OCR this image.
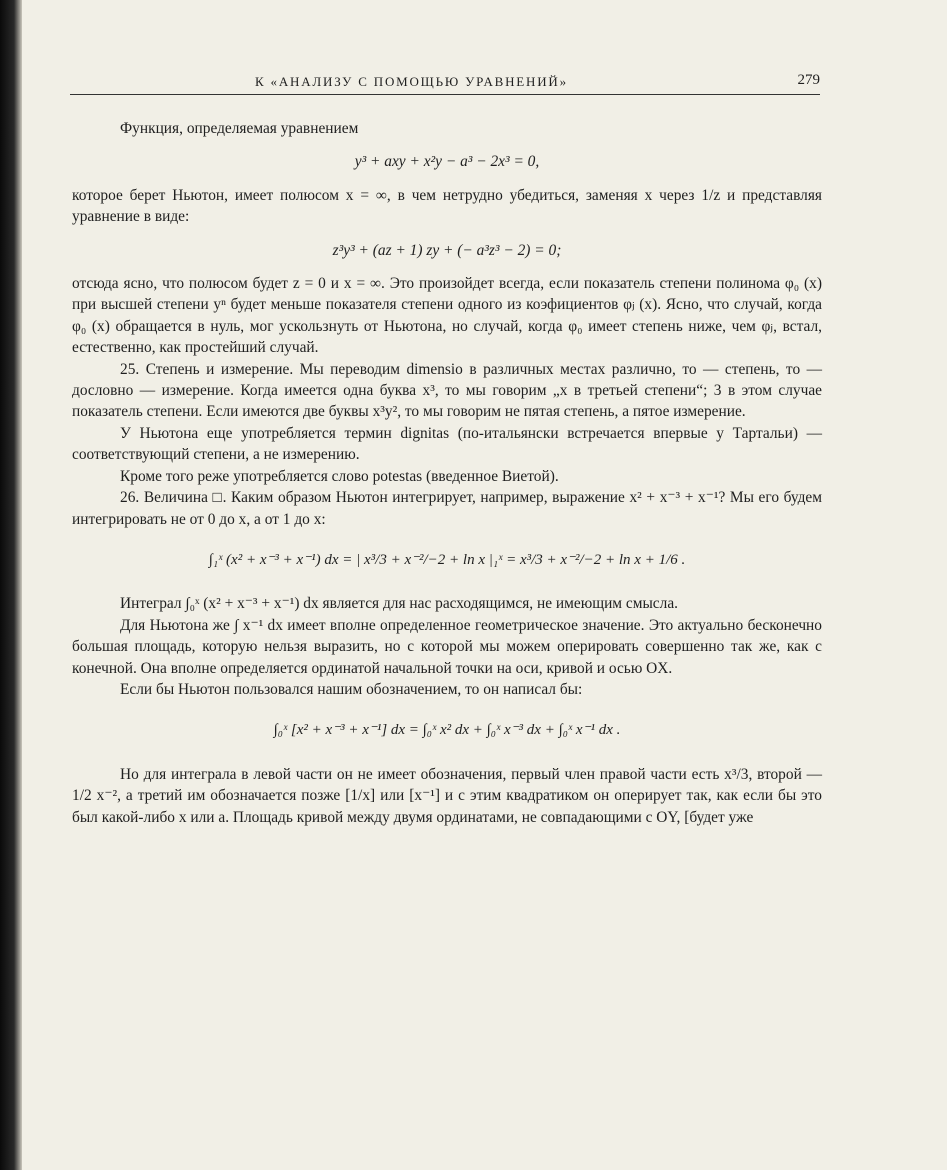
К «АНАЛИЗУ С ПОМОЩЬЮ УРАВНЕНИЙ»	279

Функция, определяемая уравнением

y³ + axy + x²y − a³ − 2x³ = 0,

которое берет Ньютон, имеет полюсом x = ∞, в чем нетрудно убедиться, заменяя x через 1/z и представляя уравнение в виде:

z³y³ + (az + 1) zy + (− a³z³ − 2) = 0;

отсюда ясно, что полюсом будет z = 0 и x = ∞. Это произойдет всегда, если показатель степени полинома φ₀ (x) при высшей степени yⁿ будет меньше показателя степени одного из коэфициентов φⱼ (x). Ясно, что случай, когда φ₀ (x) обращается в нуль, мог ускользнуть от Ньютона, но случай, когда φ₀ имеет степень ниже, чем φⱼ, встал, естественно, как простейший случай.

25. Степень и измерение. Мы переводим dimensio в различных местах различно, то — степень, то — дословно — измерение. Когда имеется одна буква x³, то мы говорим „x в третьей степени“; 3 в этом случае показатель степени. Если имеются две буквы x³y², то мы говорим не пятая степень, а пятое измерение.

У Ньютона еще употребляется термин dignitas (по-итальянски встречается впервые у Тартальи) — соответствующий степени, а не измерению.

Кроме того реже употребляется слово potestas (введенное Виетой).

26. Величина □. Каким образом Ньютон интегрирует, например, выражение x² + x⁻³ + x⁻¹? Мы его будем интегрировать не от 0 до x, а от 1 до x:

∫₁ˣ (x² + x⁻³ + x⁻¹) dx = | x³/3 + x⁻²/−2 + ln x |₁ˣ = x³/3 + x⁻²/−2 + ln x + 1/6 .

Интеграл ∫₀ˣ (x² + x⁻³ + x⁻¹) dx является для нас расходящимся, не имеющим смысла.

Для Ньютона же ∫ x⁻¹ dx имеет вполне определенное геометрическое значение. Это актуально бесконечно большая площадь, которую нельзя выразить, но с которой мы можем оперировать совершенно так же, как с конечной. Она вполне определяется ординатой начальной точки на оси, кривой и осью OX.

Если бы Ньютон пользовался нашим обозначением, то он написал бы:

∫₀ˣ [x² + x⁻³ + x⁻¹] dx = ∫₀ˣ x² dx + ∫₀ˣ x⁻³ dx + ∫₀ˣ x⁻¹ dx .

Но для интеграла в левой части он не имеет обозначения, первый член правой части есть x³/3, второй — 1/2 x⁻², а третий им обозначается позже [1/x] или [x⁻¹] и с этим квадратиком он оперирует так, как если бы это был какой-либо x или a. Площадь кривой между двумя ординатами, не совпадающими с OY, [будет уже
